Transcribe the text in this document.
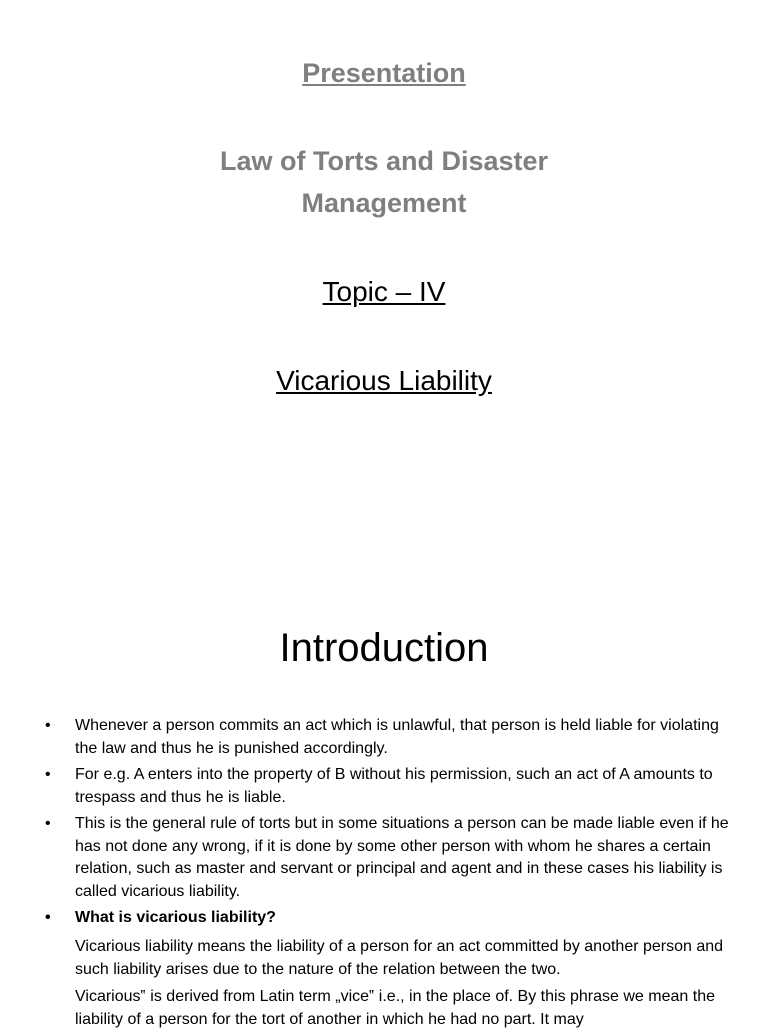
Presentation
Law of Torts and Disaster
Management
Topic – IV
Vicarious Liability
Introduction
•	Whenever a person commits an act which is unlawful, that person is held liable for violating the law and thus he is punished accordingly.
•	For e.g. A enters into the property of B without his permission, such an act of A amounts to trespass and thus he is liable.
•	This is the general rule of torts but in some situations a person can be made liable even if he has not done any wrong, if it is done by some other person with whom he shares a certain relation, such as master and servant or principal and agent and in these cases his liability is called vicarious liability.
•	What is vicarious liability?
Vicarious liability means the liability of a person for an act committed by another person and such liability arises due to the nature of the relation between the two.
Vicarious‟ is derived from Latin term „vice‟ i.e., in the place of. By this phrase we mean the liability of a person for the tort of another in which he had no part. It may
